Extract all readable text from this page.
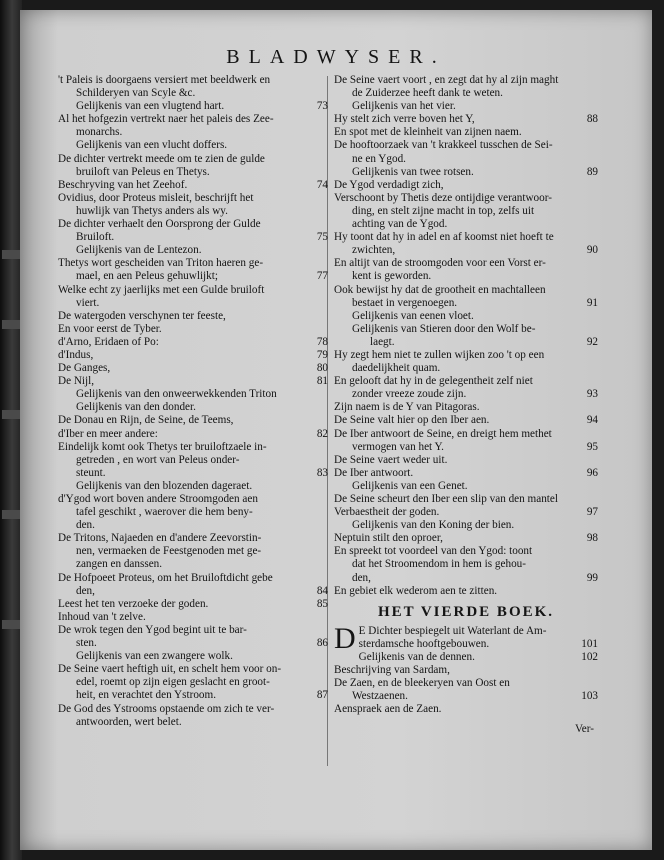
BLADWYSER.
't Paleis is doorgaens versiert met beeldwerk en
Schilderyen van Scyle &c.
Gelijkenis van een vlugtend hart.	73
Al het hofgezin vertrekt naer het paleis des Zee-
monarchs.
Gelijkenis van een vlucht doffers.
De dichter vertrekt meede om te zien de gulde
bruiloft van Peleus en Thetys.
Beschryving van het Zeehof.	74
Ovidius, door Proteus misleit, beschrijft het
huwlijk van Thetys anders als wy.
De dichter verhaelt den Oorsprong der Gulde
Bruiloft.	75
Gelijkenis van de Lentezon.
Thetys wort gescheiden van Triton haeren ge-
mael, en aen Peleus gehuwlijkt;	77
Welke echt zy jaerlijks met een Gulde bruiloft
viert.
De watergoden verschynen ter feeste,
En voor eerst de Tyber.
d'Arno, Eridaen of Po:	78
d'Indus,	79
De Ganges,	80
De Nijl,	81
Gelijkenis van den onweerwekkenden Triton
Gelijkenis van den donder.
De Donau en Rijn, de Seine, de Teems,
d'Iber en meer andere:	82
Eindelijk komt ook Thetys ter bruiloftzaele in-
getreden , en wort van Peleus onder-
steunt.	83
Gelijkenis van den blozenden dageraet.
d'Ygod wort boven andere Stroomgoden aen
tafel geschikt , waerover die hem beny-
den.
De Tritons, Najaeden en d'andere Zeevorstin-
nen, vermaeken de Feestgenoden met ge-
zangen en danssen.
De Hofpoeet Proteus, om het Bruiloftdicht gebe
den,	84
Leest het ten verzoeke der goden.	85
Inhoud van 't zelve.
De wrok tegen den Ygod begint uit te bar-
sten.	86
Gelijkenis van een zwangere wolk.
De Seine vaert heftigh uit, en schelt hem voor on-
edel, roemt op zijn eigen geslacht en groot-
heit, en verachtet den Ystroom.	87
De God des Ystrooms opstaende om zich te ver-
antwoorden, wert belet.
De Seine vaert voort , en zegt dat hy al zijn maght
de Zuiderzee heeft dank te weten.
Gelijkenis van het vier.
Hy stelt zich verre boven het Y,	88
En spot met de kleinheit van zijnen naem.
De hooftoorzaek van 't krakkeel tusschen de Sei-
ne en Ygod.
Gelijkenis van twee rotsen.	89
De Ygod verdadigt zich,
Verschoont by Thetis deze ontijdige verantwoor-
ding, en stelt zijne macht in top, zelfs uit
achting van de Ygod.
Hy toont dat hy in adel en af koomst niet hoeft te
zwichten,	90
En altijt van de stroomgoden voor een Vorst er-
kent is geworden.
Ook bewijst hy dat de grootheit en machtalleen
bestaet in vergenoegen.	91
Gelijkenis van eenen vloet.
Gelijkenis van Stieren door den Wolf be-
laegt.	92
Hy zegt hem niet te zullen wijken zoo 't op een
daedelijkheit quam.
En gelooft dat hy in de gelegentheit zelf niet
zonder vreeze zoude zijn.	93
Zijn naem is de Y van Pitagoras.
De Seine valt hier op den Iber aen.	94
De Iber antwoort de Seine, en dreigt hem methet
vermogen van het Y.	95
De Seine vaert weder uit.
De Iber antwoort.	96
Gelijkenis van een Genet.
De Seine scheurt den Iber een slip van den mantel
Verbaestheit der goden.	97
Gelijkenis van den Koning der bien.
Neptuin stilt den oproer,	98
En spreekt tot voordeel van den Ygod: toont
dat het Stroomendom in hem is gehou-
den,	99
En gebiet elk wederom aen te zitten.
HET VIERDE BOEK.
D E Dichter bespiegelt uit Waterlant de Am-
sterdamsche hooftgebouwen.	101
Gelijkenis van de dennen.	102
Beschrijving van Sardam,
De Zaen, en de bleekeryen van Oost en
Westzaenen.	103
Aenspraek aen de Zaen.
Ver-
